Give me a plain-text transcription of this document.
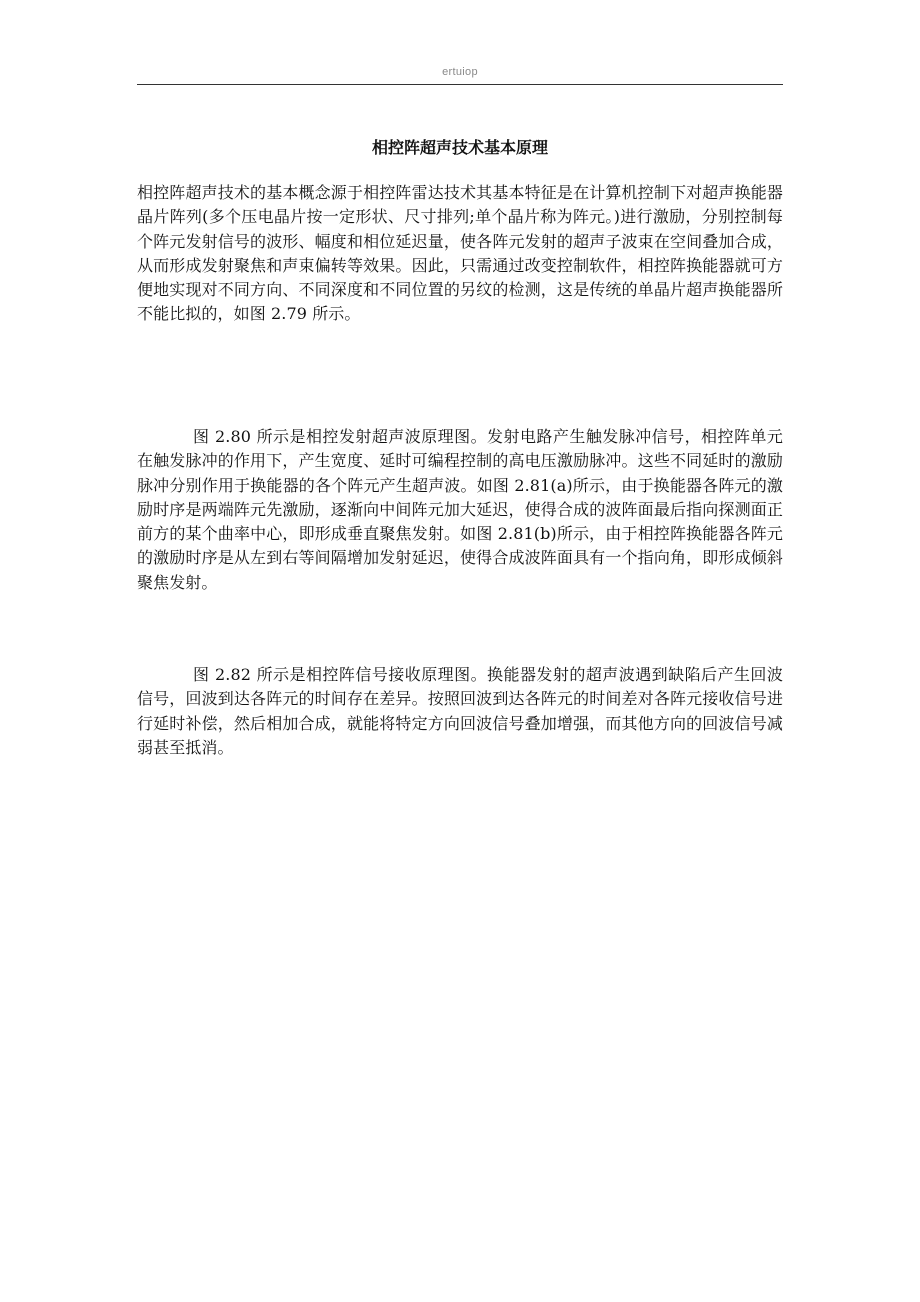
ertuiop
相控阵超声技术基本原理

相控阵超声技术的基本概念源于相控阵雷达技术其基本特征是在计算机控制下对超声换能器晶片阵列(多个压电晶片按一定形状、尺寸排列;单个晶片称为阵元。)进行激励，分别控制每个阵元发射信号的波形、幅度和相位延迟量，使各阵元发射的超声子波束在空间叠加合成，从而形成发射聚焦和声束偏转等效果。因此，只需通过改变控制软件，相控阵换能器就可方便地实现对不同方向、不同深度和不同位置的另纹的检测，这是传统的单晶片超声换能器所不能比拟的，如图 2.79 所示。

图 2.80 所示是相控发射超声波原理图。发射电路产生触发脉冲信号，相控阵单元在触发脉冲的作用下，产生宽度、延时可编程控制的高电压激励脉冲。这些不同延时的激励脉冲分别作用于换能器的各个阵元产生超声波。如图 2.81(a)所示，由于换能器各阵元的激励时序是两端阵元先激励，逐渐向中间阵元加大延迟，使得合成的波阵面最后指向探测面正前方的某个曲率中心，即形成垂直聚焦发射。如图 2.81(b)所示，由于相控阵换能器各阵元的激励时序是从左到右等间隔增加发射延迟，使得合成波阵面具有一个指向角，即形成倾斜聚焦发射。

图 2.82 所示是相控阵信号接收原理图。换能器发射的超声波遇到缺陷后产生回波信号，回波到达各阵元的时间存在差异。按照回波到达各阵元的时间差对各阵元接收信号进行延时补偿，然后相加合成，就能将特定方向回波信号叠加增强，而其他方向的回波信号减弱甚至抵消。
